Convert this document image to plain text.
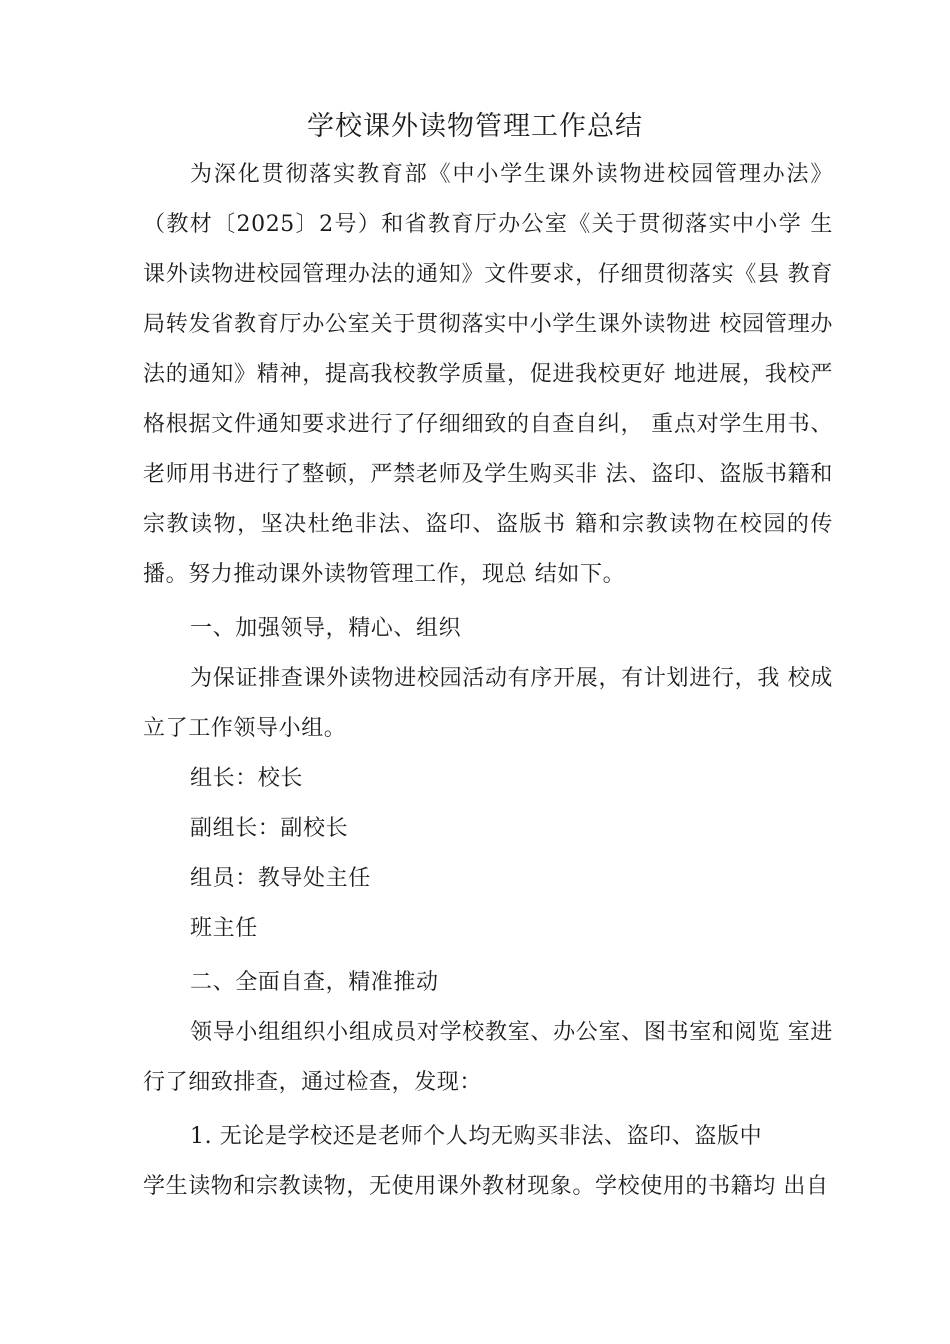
学校课外读物管理工作总结

为深化贯彻落实教育部《中小学生课外读物进校园管理办法》（教材〔2025〕2号）和省教育厅办公室《关于贯彻落实中小学 生课外读物进校园管理办法的通知》文件要求，仔细贯彻落实《县 教育局转发省教育厅办公室关于贯彻落实中小学生课外读物进 校园管理办法的通知》精神，提高我校教学质量，促进我校更好 地进展，我校严格根据文件通知要求进行了仔细细致的自查自纠， 重点对学生用书、老师用书进行了整顿，严禁老师及学生购买非 法、盗印、盗版书籍和宗教读物，坚决杜绝非法、盗印、盗版书 籍和宗教读物在校园的传播。努力推动课外读物管理工作，现总 结如下。

一、加强领导，精心、组织

为保证排查课外读物进校园活动有序开展，有计划进行，我 校成立了工作领导小组。

组长：校长

副组长：副校长

组员：教导处主任

班主任

二、全面自查，精准推动

领导小组组织小组成员对学校教室、办公室、图书室和阅览 室进行了细致排查，通过检查，发现：

1. 无论是学校还是老师个人均无购买非法、盗印、盗版中

学生读物和宗教读物，无使用课外教材现象。学校使用的书籍均 出自
